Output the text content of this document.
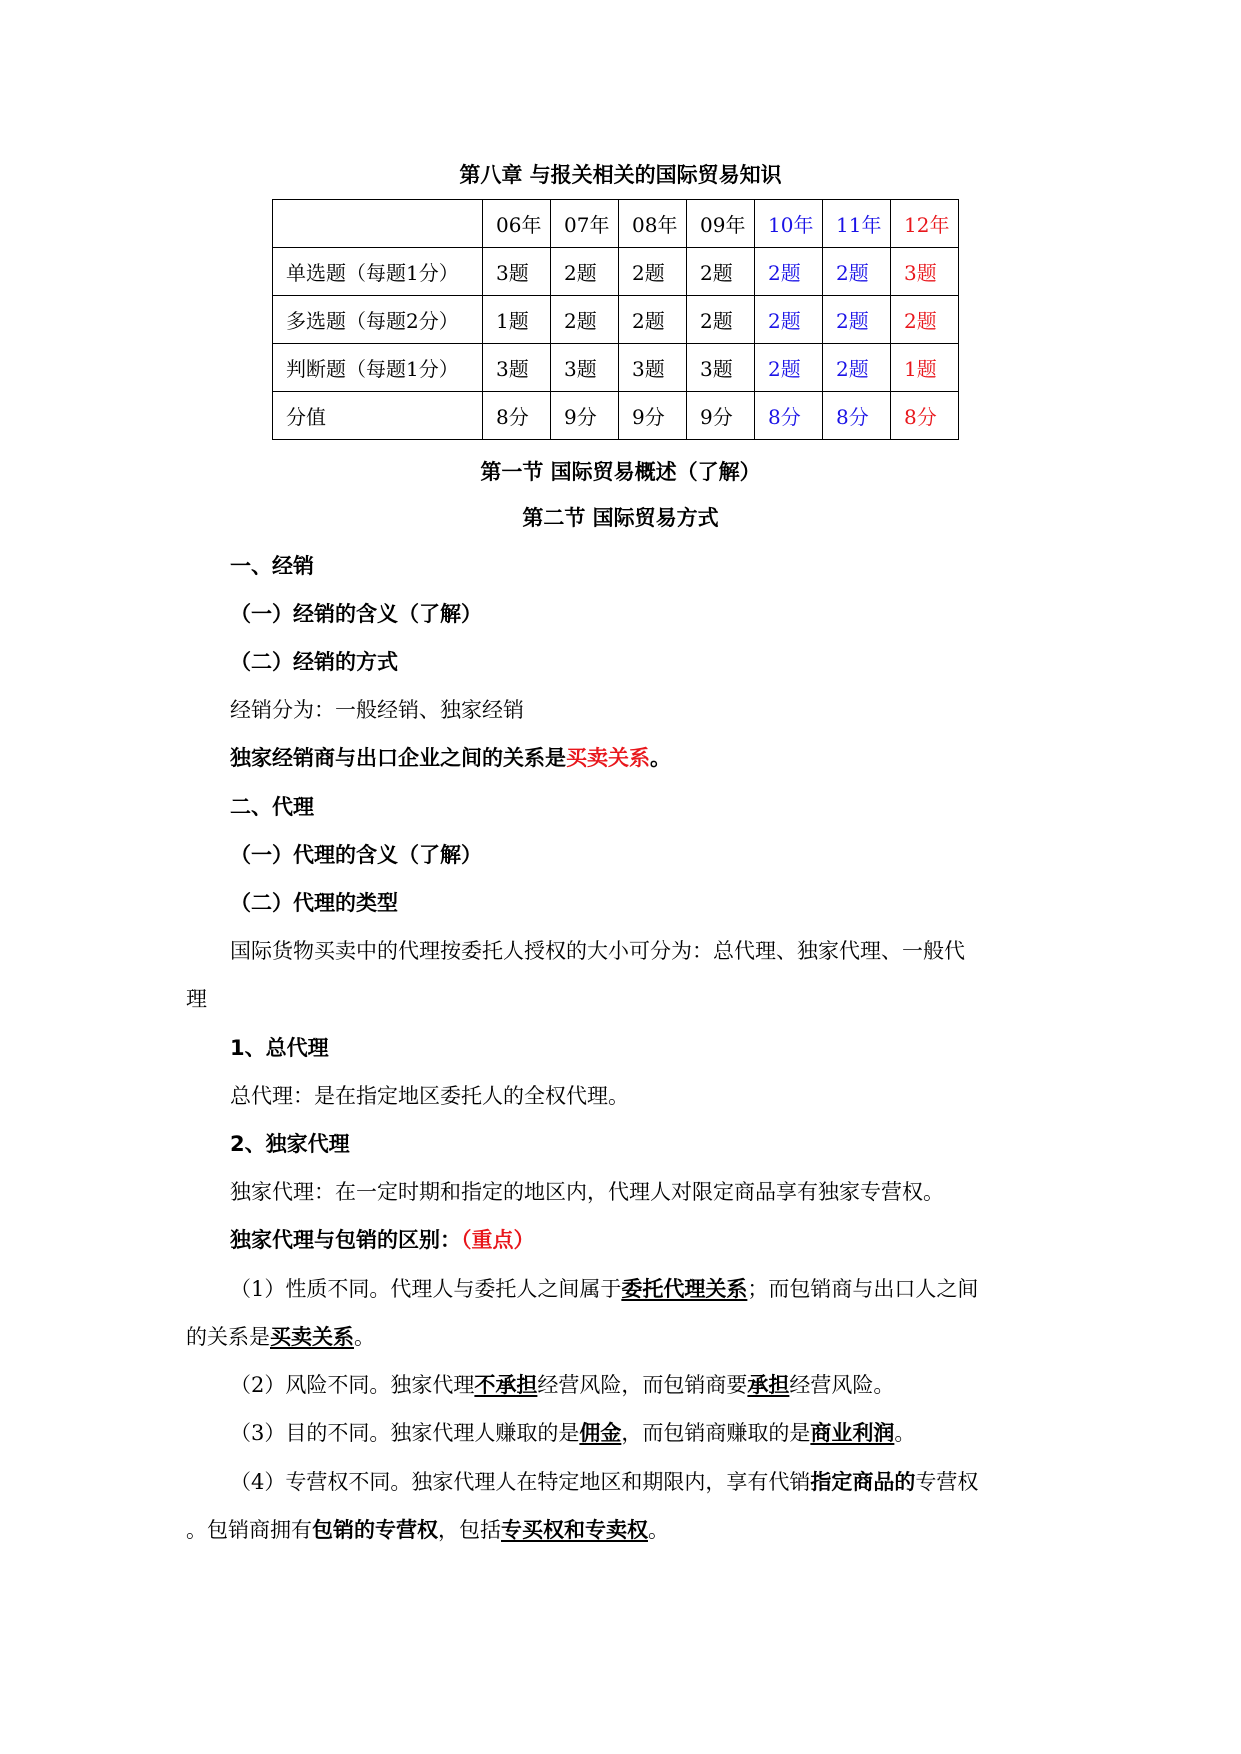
第八章 与报关相关的国际贸易知识
	06年	07年	08年	09年	10年	11年	12年
单选题（每题1分）	3题	2题	2题	2题	2题	2题	3题
多选题（每题2分）	1题	2题	2题	2题	2题	2题	2题
判断题（每题1分）	3题	3题	3题	3题	2题	2题	1题
分值	8分	9分	9分	9分	8分	8分	8分
第一节 国际贸易概述（了解）
第二节 国际贸易方式
一、经销
（一）经销的含义（了解）
（二）经销的方式
经销分为：一般经销、独家经销
独家经销商与出口企业之间的关系是买卖关系。
二、代理
（一）代理的含义（了解）
（二）代理的类型
国际货物买卖中的代理按委托人授权的大小可分为：总代理、独家代理、一般代
理
1、总代理
总代理：是在指定地区委托人的全权代理。
2、独家代理
独家代理：在一定时期和指定的地区内，代理人对限定商品享有独家专营权。
独家代理与包销的区别：（重点）
（1）性质不同。代理人与委托人之间属于委托代理关系；而包销商与出口人之间
的关系是买卖关系。
（2）风险不同。独家代理不承担经营风险，而包销商要承担经营风险。
（3）目的不同。独家代理人赚取的是佣金，而包销商赚取的是商业利润。
（4）专营权不同。独家代理人在特定地区和期限内，享有代销指定商品的专营权
。包销商拥有包销的专营权，包括专买权和专卖权。
